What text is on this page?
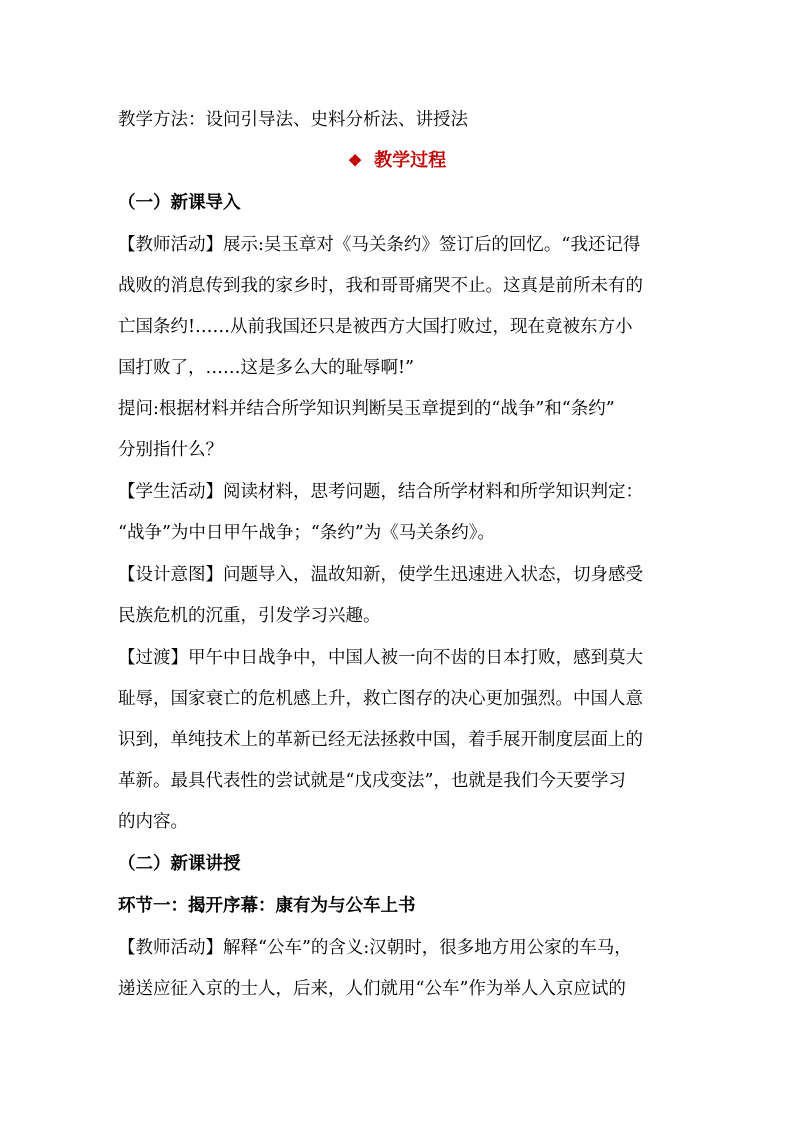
教学方法：设问引导法、史料分析法、讲授法

❖ 教学过程

（一）新课导入

【教师活动】展示:吴玉章对《马关条约》签订后的回忆。“我还记得

战败的消息传到我的家乡时，我和哥哥痛哭不止。这真是前所未有的

亡国条约!……从前我国还只是被西方大国打败过，现在竟被东方小

国打败了，……这是多么大的耻辱啊!”

提问:根据材料并结合所学知识判断吴玉章提到的“战争”和“条约”

分别指什么？

【学生活动】阅读材料，思考问题，结合所学材料和所学知识判定：

“战争”为中日甲午战争；“条约”为《马关条约》。

【设计意图】问题导入，温故知新，使学生迅速进入状态，切身感受

民族危机的沉重，引发学习兴趣。

【过渡】甲午中日战争中，中国人被一向不齿的日本打败，感到莫大

耻辱，国家衰亡的危机感上升，救亡图存的决心更加强烈。中国人意

识到，单纯技术上的革新已经无法拯救中国，着手展开制度层面上的

革新。最具代表性的尝试就是“戊戌变法”，也就是我们今天要学习

的内容。

（二）新课讲授

环节一：揭开序幕：康有为与公车上书

【教师活动】解释“公车”的含义:汉朝时，很多地方用公家的车马，

递送应征入京的士人，后来，人们就用“公车”作为举人入京应试的
